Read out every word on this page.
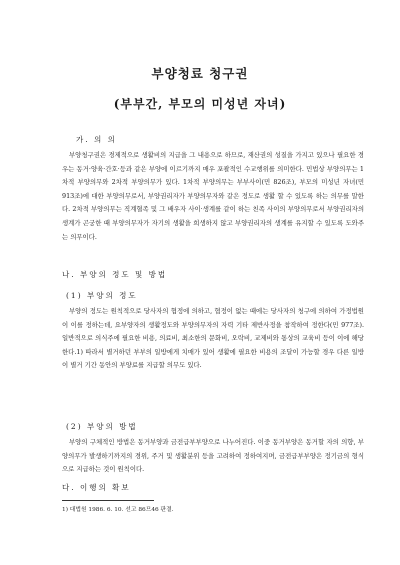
부양청료 청구권
(부부간, 부모의 미성년 자녀)
가. 의 의
부양청구권은 경제적으로 생활비의 지급을 그 내용으로 하므로, 재산권의 성질을 가지고 있으나 필요한 경우는 동거·양육·간호·등과 같은 부양에 이르기까지 매우 포괄적인 수교행위를 의미한다. 민법상 부양의무는 1차적 부양의무와 2차적 부양의무가 있다. 1차적 부양의무는 부부사이(민 826조), 부모의 미성년 자녀(민 913조)에 대한 부양의무로서, 부양권리자가 부양의무자와 같은 정도로 생활 할 수 있도록 하는 의무를 말한다. 2차적 부양의무는 직계혈족 및 그 배우자 사이·생계를 같이 하는 친족 사이의 부양의무로서 부양권리자의 생계가 곤궁한 때 부양의무자가 자기의 생활을 희생하지 않고 부양권리자의 생계를 유지할 수 있도록 도와주는 의무이다.
나. 부양의 정도 및 방법
(1) 부양의 정도
부양의 정도는 원칙적으로 당사자의 협정에 의하고, 협정이 없는 때에는 당사자의 청구에 의하여 가정법원이 이를 정하는데, 요부양자의 생활정도와 부양의무자의 자력 기타 제반사정을 참작하여 정한다(민 977조). 일반적으로 의식주에 필요한 비용, 의료비, 최소한의 문화비, 오락비, 교제비와 통상의 교육비 등이 이에 해당한다.1) 따라서 별거하던 부부의 일방에게 치매가 있어 생활에 필요한 비용의 조달이 가능할 경우 다른 일방이 별거 기간 동안의 부양료를 지급할 의무도 있다.
(2) 부양의 방법
부양의 구체적인 방법은 동거부양과 금전급부부양으로 나누어진다. 이중 동거부양은 동거할 자의 의향, 부양의무가 발생하기까지의 경위, 주거 및 생활분위 등을 고려하여 정하여지며, 금전급부부양은 정기금의 형식으로 지급하는 것이 원칙이다.
다. 이행의 확보
1) 대법원 1986. 6. 10. 선고 86므46 판결.
